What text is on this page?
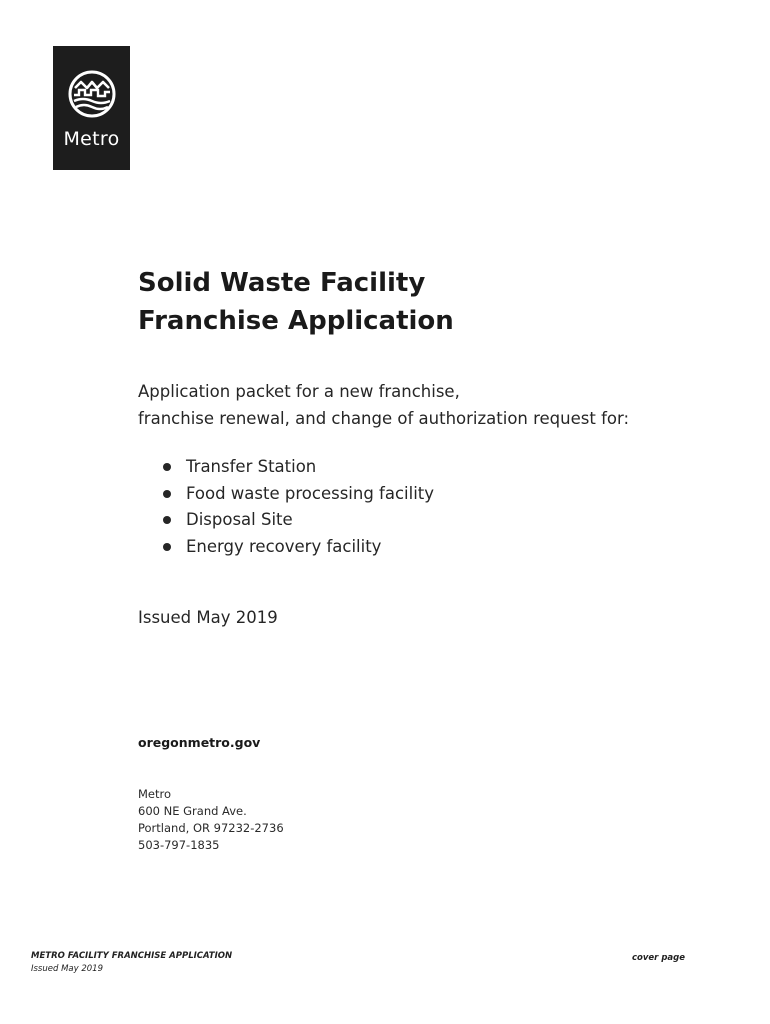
Metro
Solid Waste Facility
Franchise Application

Application packet for a new franchise,
franchise renewal, and change of authorization request for:

Transfer Station
Food waste processing facility
Disposal Site
Energy recovery facility
Issued May 2019
oregonmetro.gov
Metro
600 NE Grand Ave.
Portland, OR 97232-2736
503-797-1835
METRO FACILITY FRANCHISE APPLICATION
Issued May 2019
cover page
